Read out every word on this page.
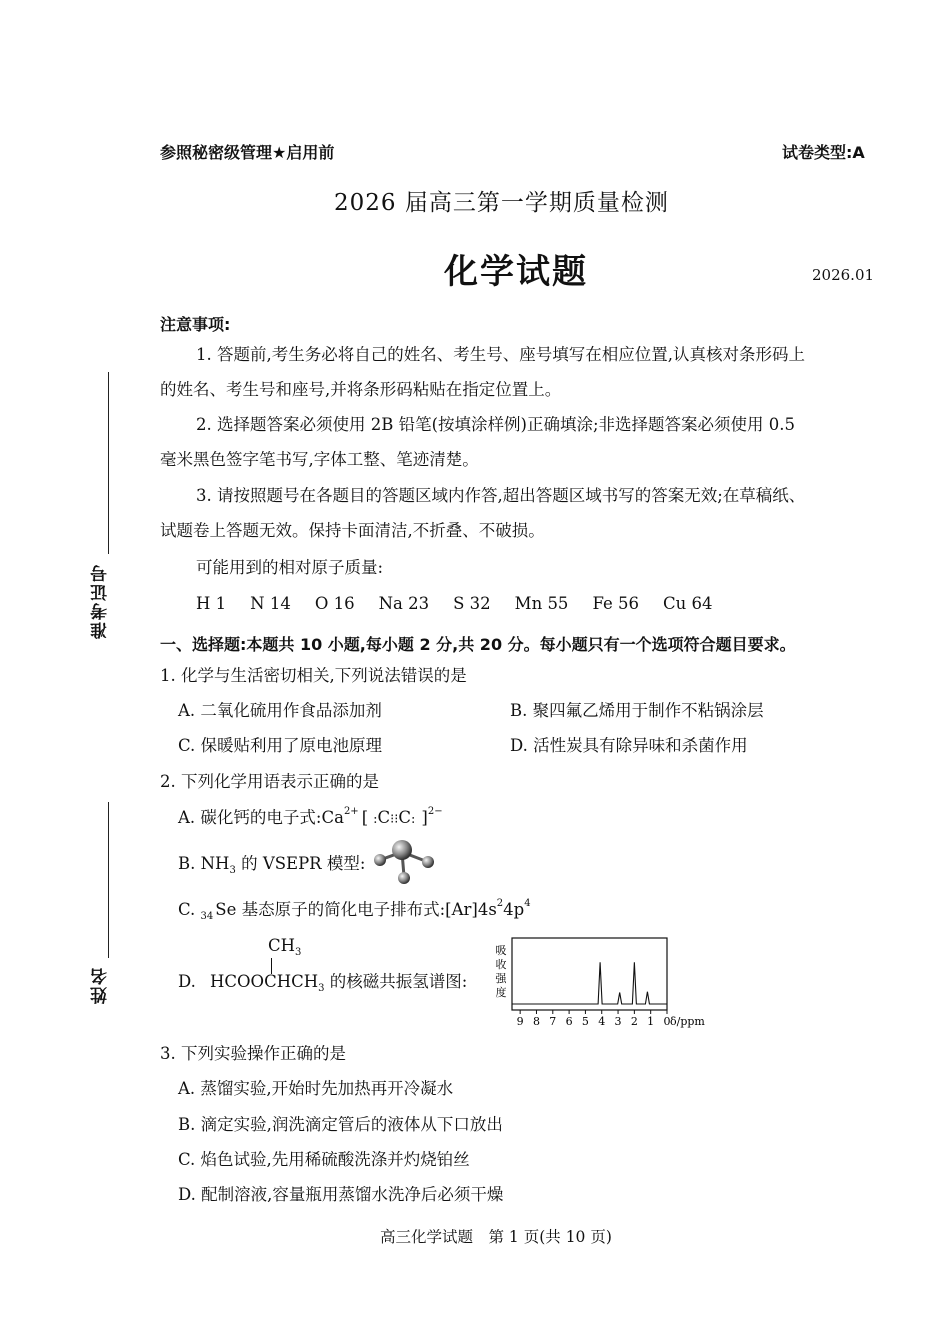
参照秘密级管理★启用前	试卷类型:A
2026 届高三第一学期质量检测
化学试题	2026.01
准考证号
姓名
注意事项:
1. 答题前,考生务必将自己的姓名、考生号、座号填写在相应位置,认真核对条形码上
的姓名、考生号和座号,并将条形码粘贴在指定位置上。
2. 选择题答案必须使用 2B 铅笔(按填涂样例)正确填涂;非选择题答案必须使用 0.5
毫米黑色签字笔书写,字体工整、笔迹清楚。
3. 请按照题号在各题目的答题区域内作答,超出答题区域书写的答案无效;在草稿纸、
试题卷上答题无效。保持卡面清洁,不折叠、不破损。
可能用到的相对原子质量:
H 1 N 14 O 16 Na 23 S 32 Mn 55 Fe 56 Cu 64
一、选择题:本题共 10 小题,每小题 2 分,共 20 分。每小题只有一个选项符合题目要求。
1. 化学与生活密切相关,下列说法错误的是
A. 二氧化硫用作食品添加剂	B. 聚四氟乙烯用于制作不粘锅涂层
C. 保暖贴利用了原电池原理	D. 活性炭具有除异味和杀菌作用
2. 下列化学用语表示正确的是
A. 碳化钙的电子式$:Ca^{2+}$ [ :C⁝⁝C: ]$^{2-}$
B. $NH_3$ 的 VSEPR 模型:
C. $_{34}$ Se 基态原子的简化电子排布式$:[Ar]4s^24p^4$
D.
$CH_3$
$HCOOCHCH_3$ 的核磁共振氢谱图:
吸
收
强
度
9 8 7 6 5 4 3 2 1 0 δ/ppm
3. 下列实验操作正确的是
A. 蒸馏实验,开始时先加热再开冷凝水
B. 滴定实验,润洗滴定管后的液体从下口放出
C. 焰色试验,先用稀硫酸洗涤并灼烧铂丝
D. 配制溶液,容量瓶用蒸馏水洗净后必须干燥
高三化学试题　第 1 页(共 10 页)
